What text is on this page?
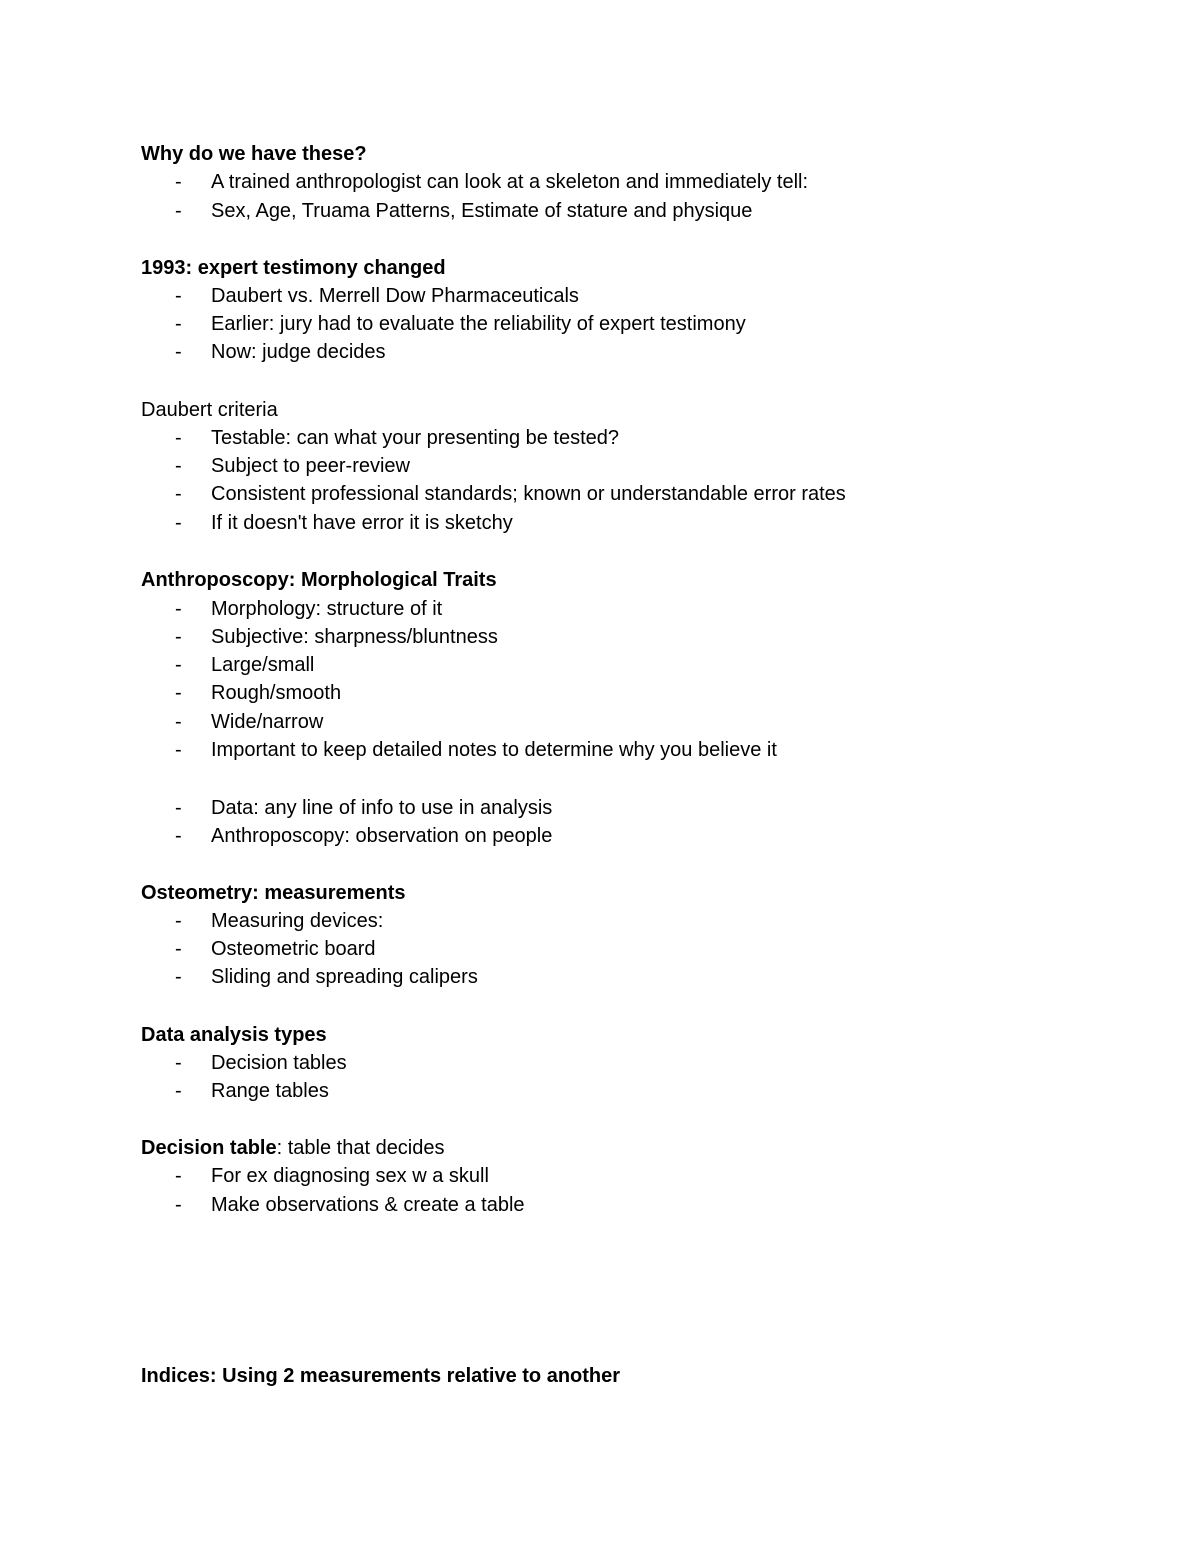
Why do we have these?
- A trained anthropologist can look at a skeleton and immediately tell:
- Sex, Age, Truama Patterns, Estimate of stature and physique
1993: expert testimony changed
- Daubert vs. Merrell Dow Pharmaceuticals
- Earlier: jury had to evaluate the reliability of expert testimony
- Now: judge decides
Daubert criteria
- Testable: can what your presenting be tested?
- Subject to peer-review
- Consistent professional standards; known or understandable error rates
- If it doesn't have error it is sketchy
Anthroposcopy: Morphological Traits
- Morphology: structure of it
- Subjective: sharpness/bluntness
- Large/small
- Rough/smooth
- Wide/narrow
- Important to keep detailed notes to determine why you believe it
- Data: any line of info to use in analysis
- Anthroposcopy: observation on people
Osteometry: measurements
- Measuring devices:
- Osteometric board
- Sliding and spreading calipers
Data analysis types
- Decision tables
- Range tables
Decision table: table that decides
- For ex diagnosing sex w a skull
- Make observations & create a table
Indices: Using 2 measurements relative to another
